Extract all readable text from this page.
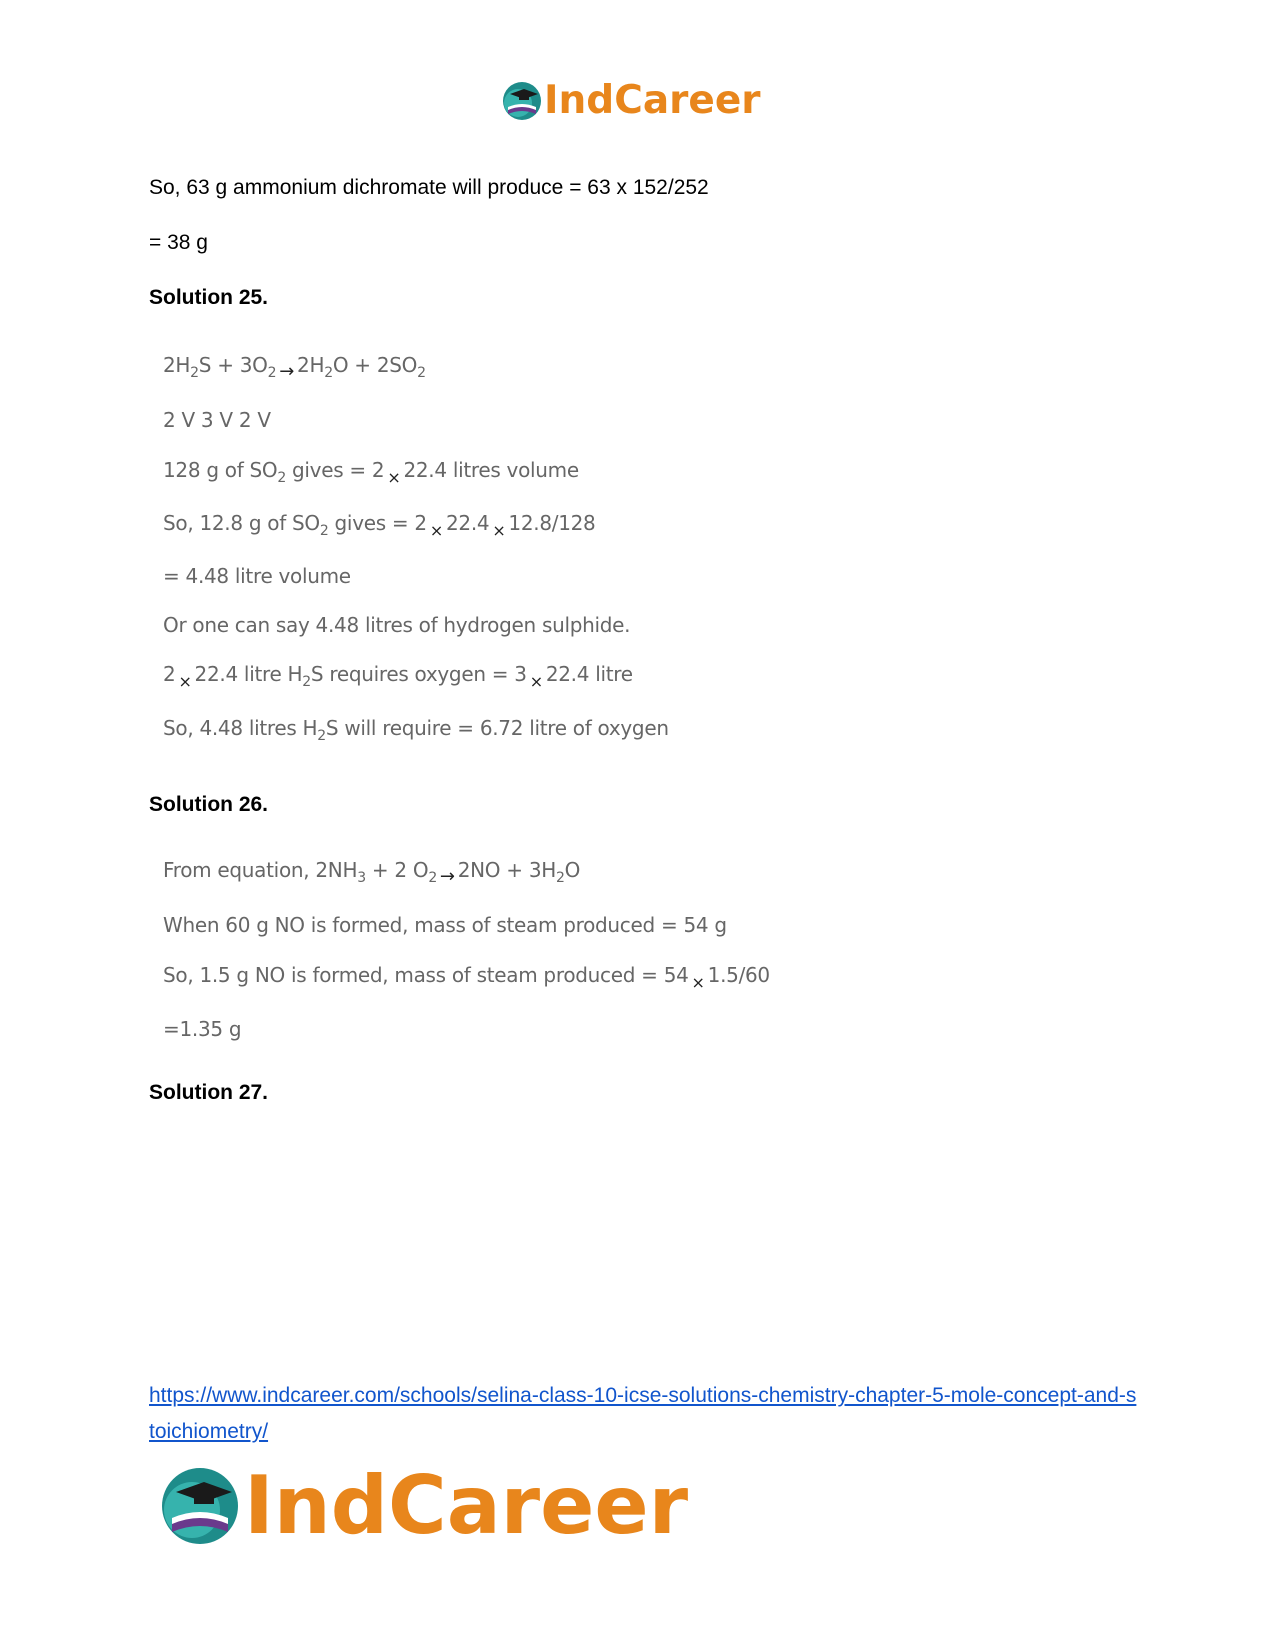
IndCareer
So, 63 g ammonium dichromate will produce = 63 x 152/252
= 38 g
Solution 25.
$2H_2S + 3O_2 \to 2H_2O + 2SO_2$
2 V 3 V 2 V
128 g of $SO_2$ gives = 2 $_\times$ 22.4 litres volume
So, 12.8 g of $SO_2$ gives = 2 $_\times$ 22.4 $_\times$ 12.8/128
= 4.48 litre volume
Or one can say 4.48 litres of hydrogen sulphide.
2 $_\times$ 22.4 litre $H_2S$ requires oxygen = 3 $_\times$ 22.4 litre
So, 4.48 litres $H_2S$ will require = 6.72 litre of oxygen
Solution 26.
From equation, $2NH_3 + 2$ $O_2 \to 2NO + 3H_2O$
When 60 g NO is formed, mass of steam produced = 54 g
So, 1.5 g NO is formed, mass of steam produced = 54 $_\times$ 1.5/60
=1.35 g
Solution 27.
https://www.indcareer.com/schools/selina-class-10-icse-solutions-chemistry-chapter-5-mole-concept-and-stoichiometry/
IndCareer
